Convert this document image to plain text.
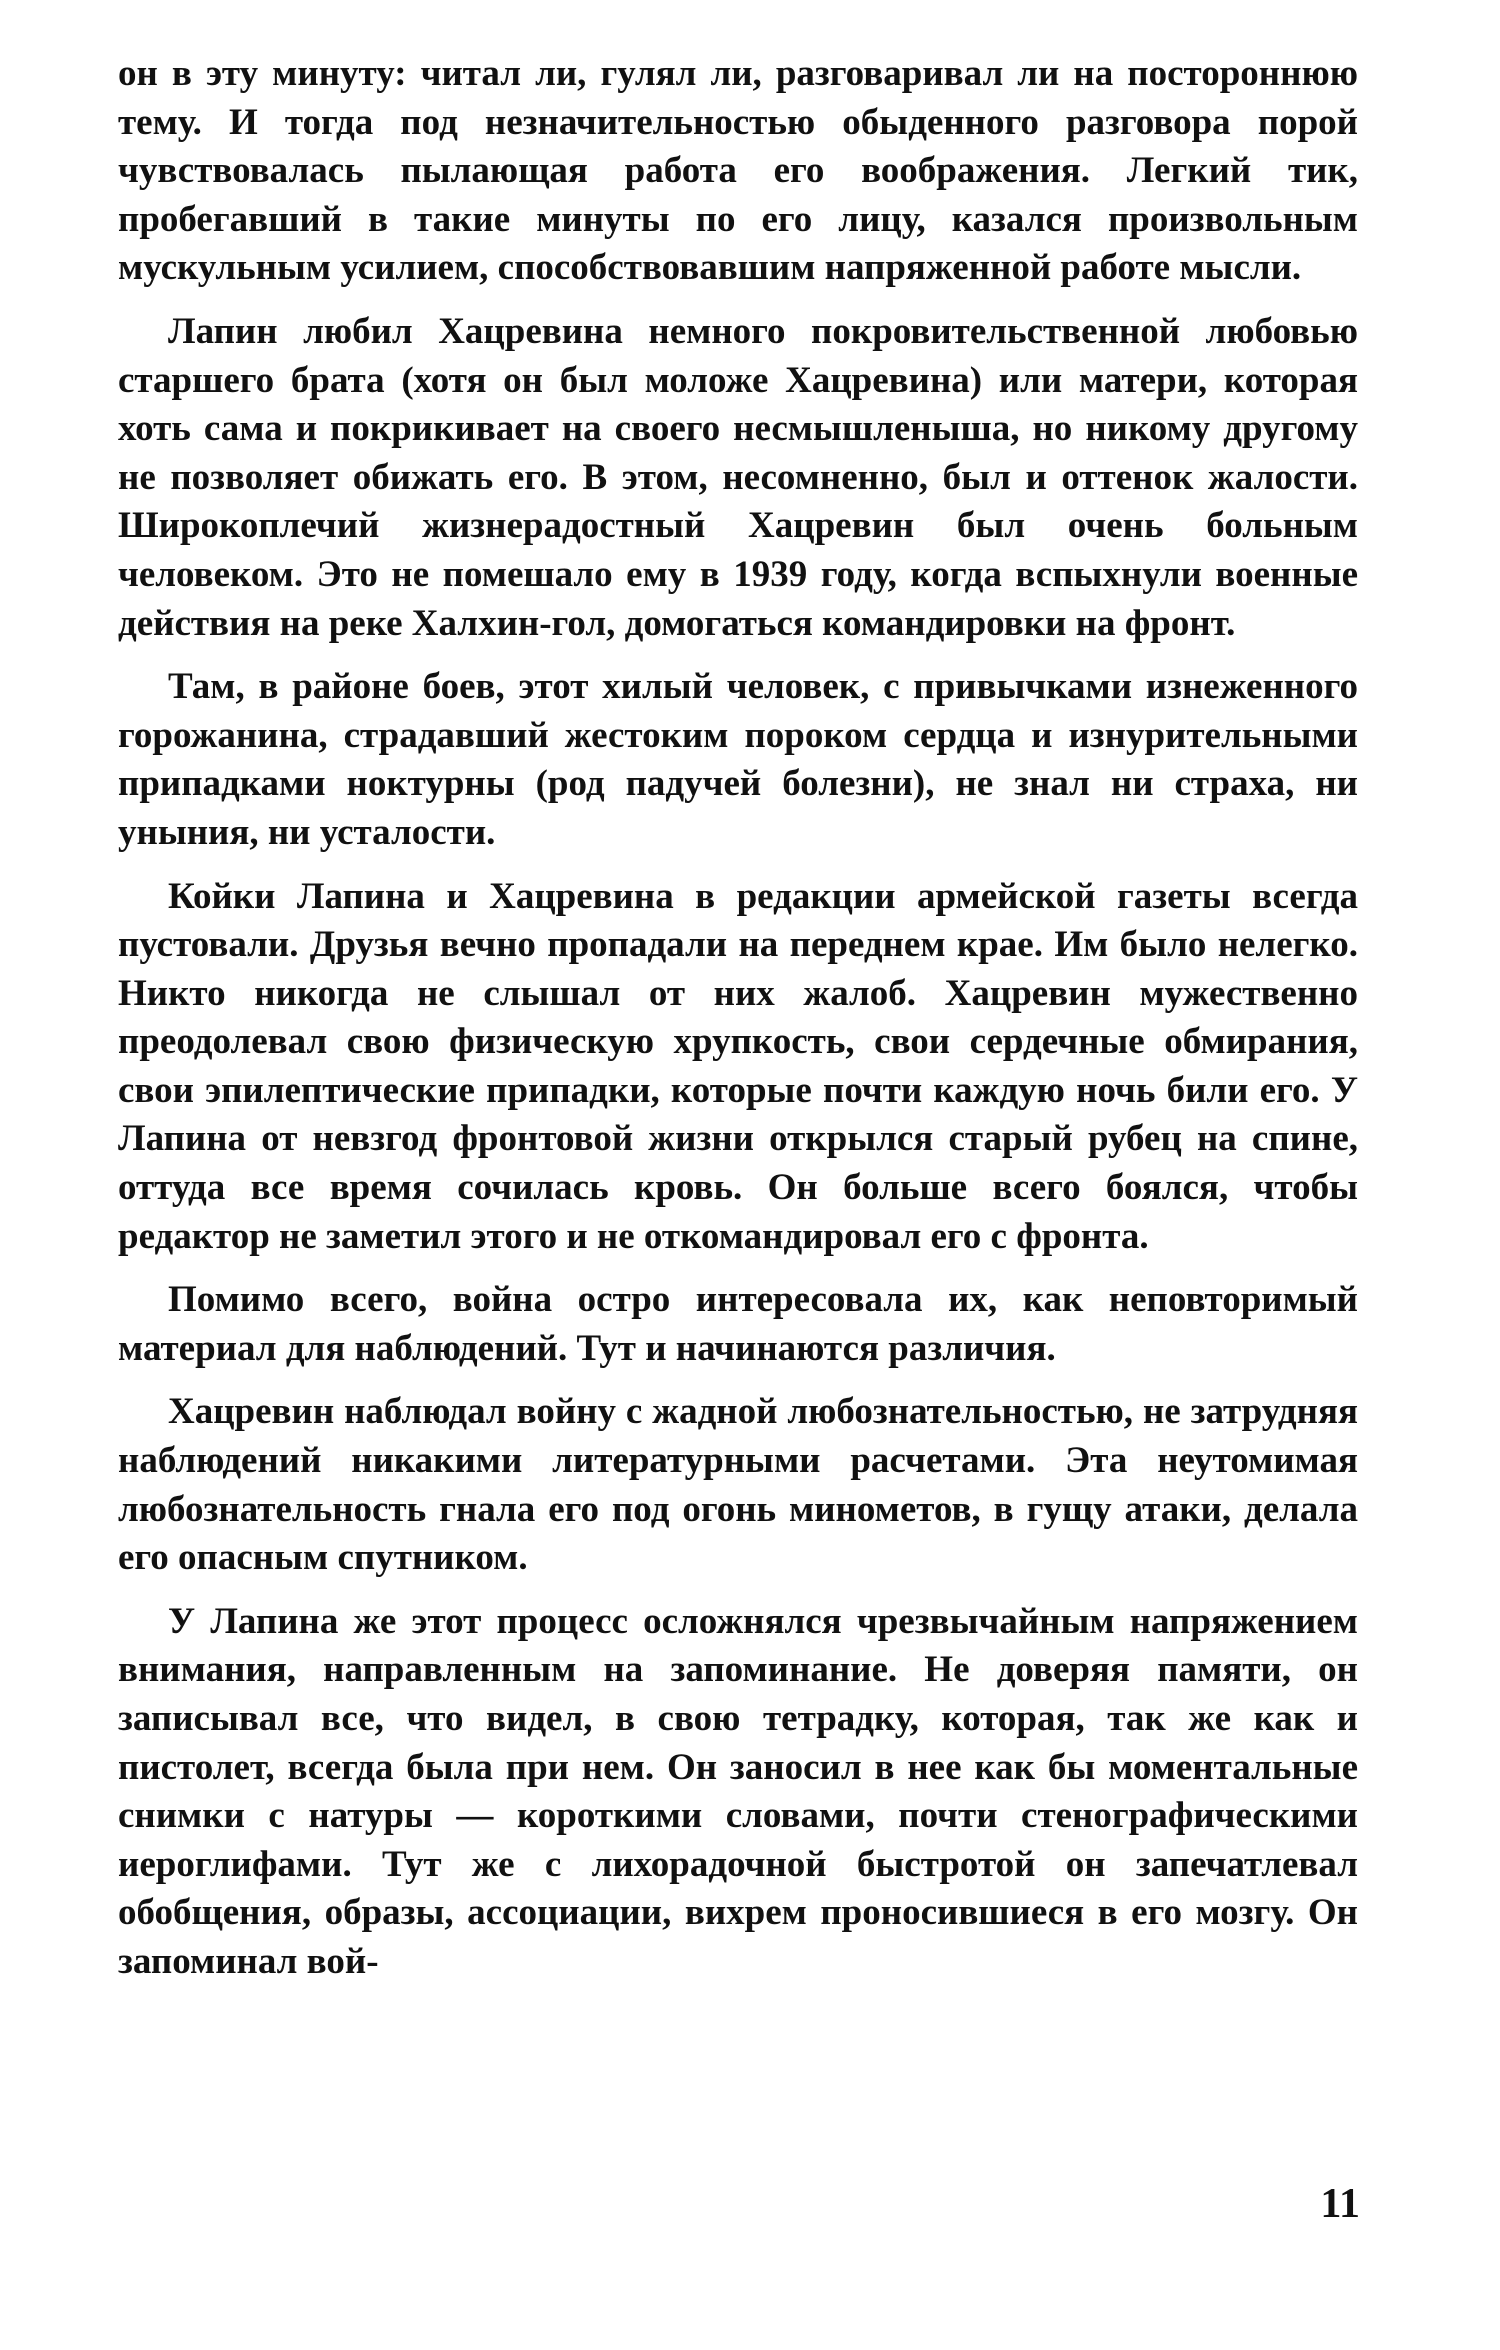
он в эту минуту: читал ли, гулял ли, разговаривал ли на постороннюю тему. И тогда под незначительностью обыденного разговора порой чувствовалась пылающая работа его воображения. Легкий тик, пробегавший в такие минуты по его лицу, казался произвольным мускульным усилием, способствовавшим напряженной работе мысли.

Лапин любил Хацревина немного покровительственной любовью старшего брата (хотя он был моложе Хацревина) или матери, которая хоть сама и покрикивает на своего несмышленыша, но никому другому не позволяет обижать его. В этом, несомненно, был и оттенок жалости. Широкоплечий жизнерадостный Хацревин был очень больным человеком. Это не помешало ему в 1939 году, когда вспыхнули военные действия на реке Халхин-гол, домогаться командировки на фронт.

Там, в районе боев, этот хилый человек, с привычками изнеженного горожанина, страдавший жестоким пороком сердца и изнурительными припадками ноктурны (род падучей болезни), не знал ни страха, ни уныния, ни усталости.

Койки Лапина и Хацревина в редакции армейской газеты всегда пустовали. Друзья вечно пропадали на переднем крае. Им было нелегко. Никто никогда не слышал от них жалоб. Хацревин мужественно преодолевал свою физическую хрупкость, свои сердечные обмирания, свои эпилептические припадки, которые почти каждую ночь били его. У Лапина от невзгод фронтовой жизни открылся старый рубец на спине, оттуда все время сочилась кровь. Он больше всего боялся, чтобы редактор не заметил этого и не откомандировал его с фронта.

Помимо всего, война остро интересовала их, как неповторимый материал для наблюдений. Тут и начинаются различия.

Хацревин наблюдал войну с жадной любознательностью, не затрудняя наблюдений никакими литературными расчетами. Эта неутомимая любознательность гнала его под огонь минометов, в гущу атаки, делала его опасным спутником.

У Лапина же этот процесс осложнялся чрезвычайным напряжением внимания, направленным на запоминание. Не доверяя памяти, он записывал все, что видел, в свою тетрадку, которая, так же как и пистолет, всегда была при нем. Он заносил в нее как бы моментальные снимки с натуры — короткими словами, почти стенографическими иероглифами. Тут же с лихорадочной быстротой он запечатлевал обобщения, образы, ассоциации, вихрем проносившиеся в его мозгу. Он запоминал вой-

11
